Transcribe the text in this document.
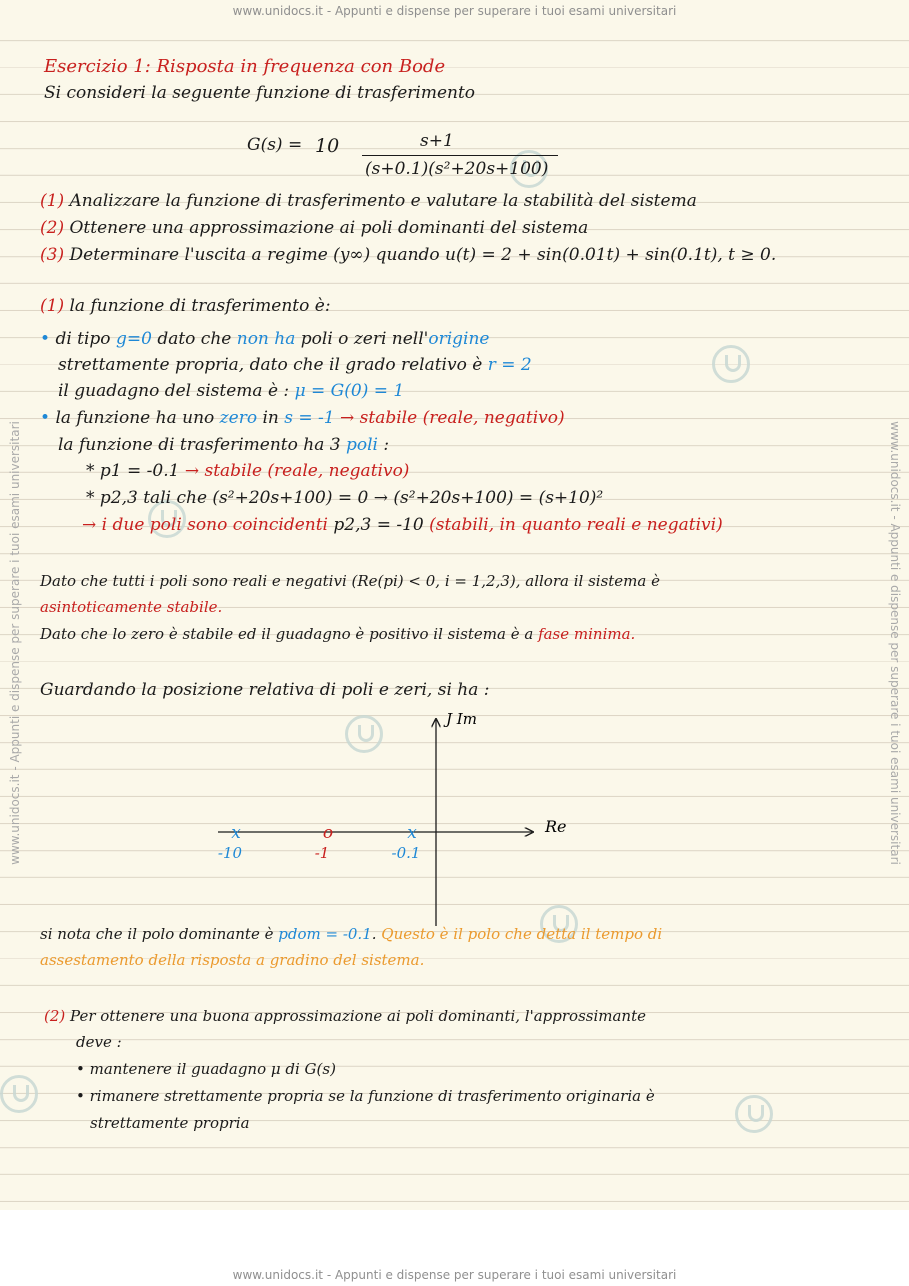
www.unidocs.it - Appunti e dispense per superare i tuoi esami universitari
www.unidocs.it - Appunti e dispense per superare i tuoi esami universitari
www.unidocs.it - Appunti e dispense per superare i tuoi esami universitari	www.unidocs.it - Appunti e dispense per superare i tuoi esami universitari
Esercizio 1: Risposta in frequenza con Bode
Si consideri la seguente funzione di trasferimento
G(s) = 10	s+1
(s+0.1)(s²+20s+100)
(1) Analizzare la funzione di trasferimento e valutare la stabilità del sistema
(2) Ottenere una approssimazione ai poli dominanti del sistema
(3) Determinare l'uscita a regime (y∞) quando u(t) = 2 + sin(0.01t) + sin(0.1t), t ≥ 0.
(1) la funzione di trasferimento è:
• di tipo g=0 dato che non ha poli o zeri nell'origine
strettamente propria, dato che il grado relativo è r = 2
il guadagno del sistema è : μ = G(0) = 1
• la funzione ha uno zero in s = -1 → stabile (reale, negativo)
la funzione di trasferimento ha 3 poli :
* p1 = -0.1 → stabile (reale, negativo)
* p2,3 tali che (s²+20s+100) = 0 → (s²+20s+100) = (s+10)²
→ i due poli sono coincidenti p2,3 = -10 (stabili, in quanto reali e negativi)
Dato che tutti i poli sono reali e negativi (Re(pi) < 0, i = 1,2,3), allora il sistema è
asintoticamente stabile.
Dato che lo zero è stabile ed il guadagno è positivo il sistema è a fase minima.
Guardando la posizione relativa di poli e zeri, si ha :
J Im
Re
x
-10
o
-1
x
-0.1
si nota che il polo dominante è pdom = -0.1. Questo è il polo che detta il tempo di
assestamento della risposta a gradino del sistema.
(2) Per ottenere una buona approssimazione ai poli dominanti, l'approssimante
deve :
• mantenere il guadagno μ di G(s)
• rimanere strettamente propria se la funzione di trasferimento originaria è
strettamente propria
